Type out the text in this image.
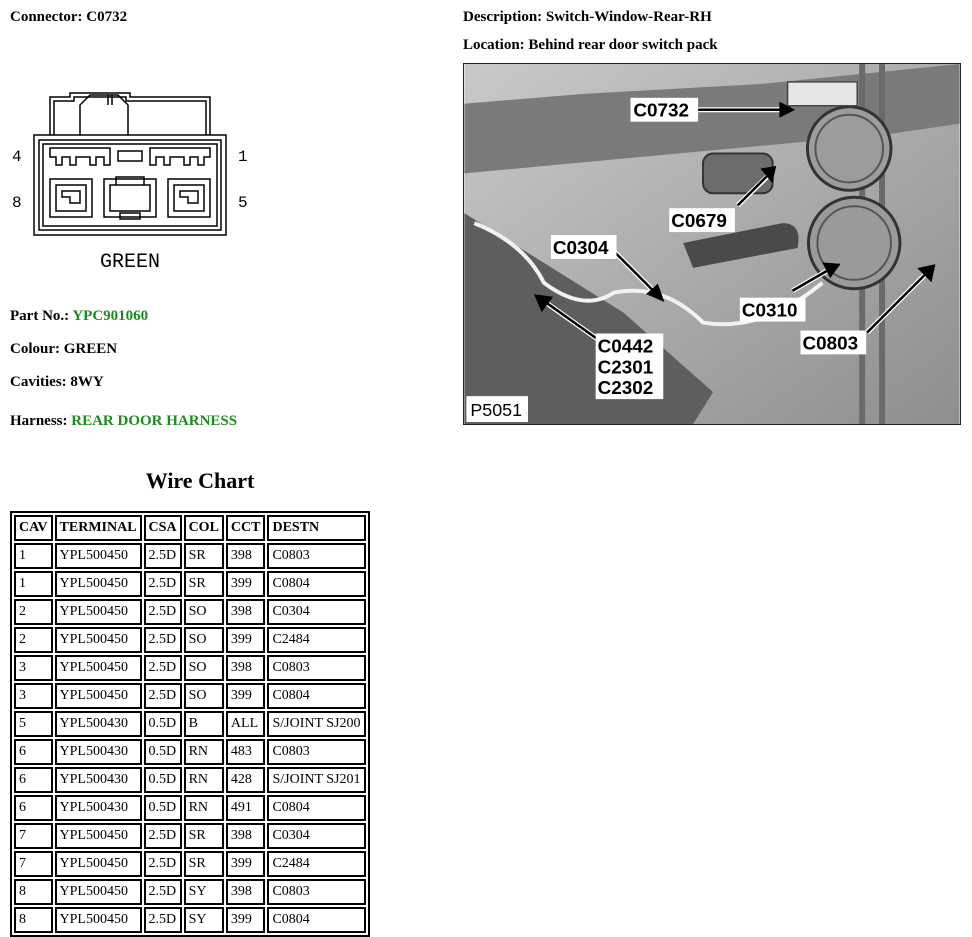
Connector: C0732	Description: Switch-Window-Rear-RH
Location: Behind rear door switch pack
4	1
8	5
GREEN
Part No.: YPC901060
Colour: GREEN
Cavities: 8WY
Harness: REAR DOOR HARNESS
C0732
C0679
C0304
C0310
C0803
C0442
C2301
C2302
P5051
Wire Chart
CAV	TERMINAL	CSA	COL	CCT	DESTN
1	YPL500450	2.5D	SR	398	C0803
1	YPL500450	2.5D	SR	399	C0804
2	YPL500450	2.5D	SO	398	C0304
2	YPL500450	2.5D	SO	399	C2484
3	YPL500450	2.5D	SO	398	C0803
3	YPL500450	2.5D	SO	399	C0804
5	YPL500430	0.5D	B	ALL	S/JOINT SJ200
6	YPL500430	0.5D	RN	483	C0803
6	YPL500430	0.5D	RN	428	S/JOINT SJ201
6	YPL500430	0.5D	RN	491	C0804
7	YPL500450	2.5D	SR	398	C0304
7	YPL500450	2.5D	SR	399	C2484
8	YPL500450	2.5D	SY	398	C0803
8	YPL500450	2.5D	SY	399	C0804
